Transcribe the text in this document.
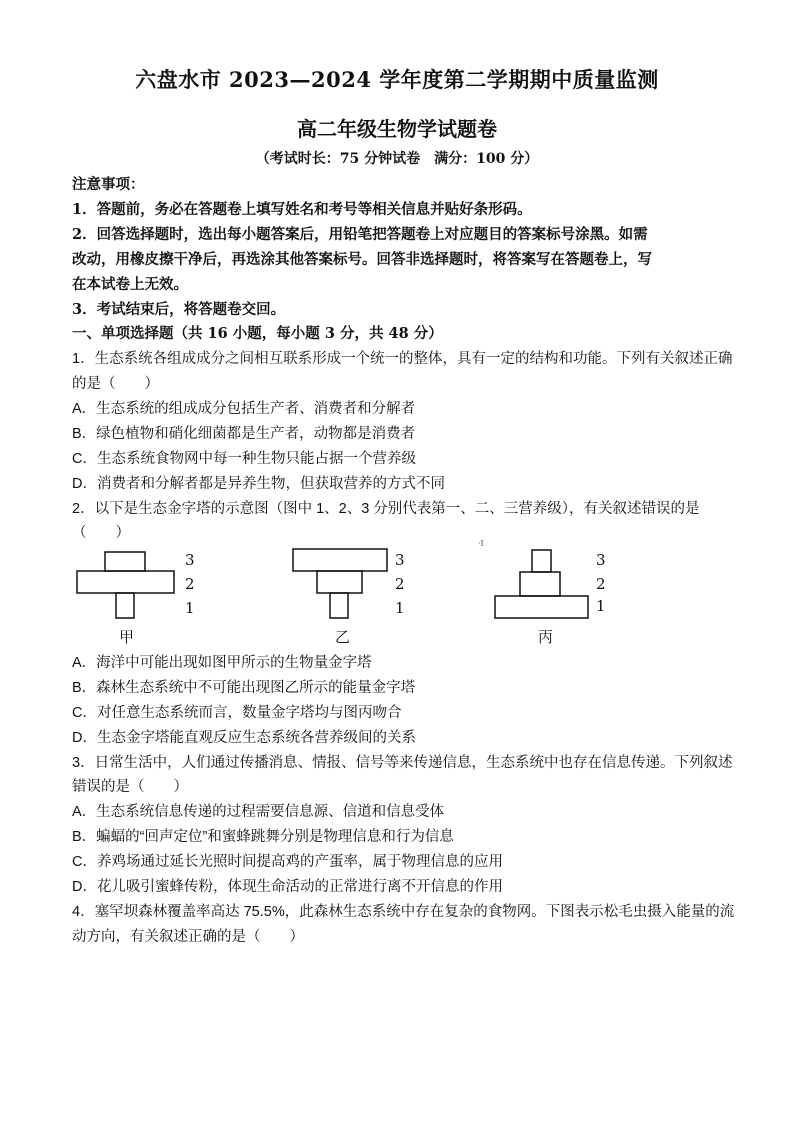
六盘水市 2023—2024 学年度第二学期期中质量监测
高二年级生物学试题卷
（考试时长：75 分钟试卷　满分：100 分）
注意事项：
1．答题前，务必在答题卷上填写姓名和考号等相关信息并贴好条形码。
2．回答选择题时，选出每小题答案后，用铅笔把答题卷上对应题目的答案标号涂黑。如需
改动，用橡皮擦干净后，再选涂其他答案标号。回答非选择题时，将答案写在答题卷上，写
在本试卷上无效。
3．考试结束后，将答题卷交回。
一、单项选择题（共 16 小题，每小题 3 分，共 48 分）
1．生态系统各组成成分之间相互联系形成一个统一的整体，具有一定的结构和功能。下列有关叙述正确
的是（　　）
A．生态系统的组成成分包括生产者、消费者和分解者
B．绿色植物和硝化细菌都是生产者，动物都是消费者
C．生态系统食物网中每一种生物只能占据一个营养级
D．消费者和分解者都是异养生物，但获取营养的方式不同
2．以下是生态金字塔的示意图（图中 1、2、3 分别代表第一、二、三营养级），有关叙述错误的是
（　　）
3
2
1
3
2
1
3
2
1
·I
甲	乙	丙
A．海洋中可能出现如图甲所示的生物量金字塔
B．森林生态系统中不可能出现图乙所示的能量金字塔
C．对任意生态系统而言，数量金字塔均与图丙吻合
D．生态金字塔能直观反应生态系统各营养级间的关系
3．日常生活中，人们通过传播消息、情报、信号等来传递信息，生态系统中也存在信息传递。下列叙述
错误的是（　　）
A．生态系统信息传递的过程需要信息源、信道和信息受体
B．蝙蝠的“回声定位”和蜜蜂跳舞分别是物理信息和行为信息
C．养鸡场通过延长光照时间提高鸡的产蛋率，属于物理信息的应用
D．花儿吸引蜜蜂传粉，体现生命活动的正常进行离不开信息的作用
4．塞罕坝森林覆盖率高达 75.5%，此森林生态系统中存在复杂的食物网。下图表示松毛虫摄入能量的流
动方向，有关叙述正确的是（　　）
